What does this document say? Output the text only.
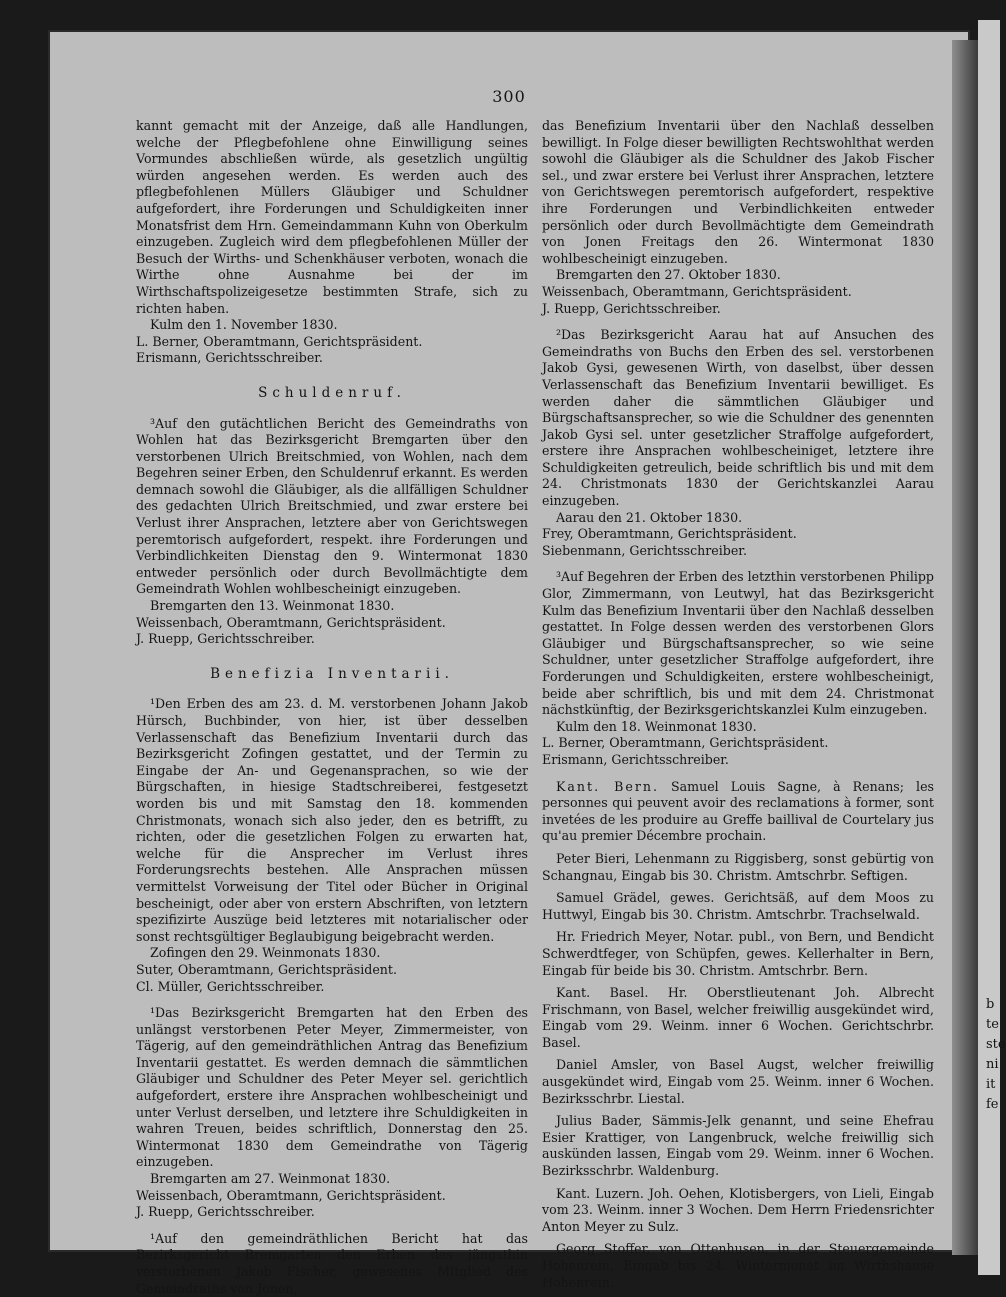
300

kannt gemacht mit der Anzeige, daß alle Handlungen, welche der Pflegbefohlene ohne Einwilligung seines Vormundes abschließen würde, als gesetzlich ungültig würden angesehen werden. Es werden auch des pflegbefohlenen Müllers Gläubiger und Schuldner aufgefordert, ihre Forderungen und Schuldigkeiten inner Monatsfrist dem Hrn. Gemeindammann Kuhn von Oberkulm einzugeben. Zugleich wird dem pflegbefohlenen Müller der Besuch der Wirths- und Schenkhäuser verboten, wonach die Wirthe ohne Ausnahme bei der im Wirthschaftspolizeigesetze bestimmten Strafe, sich zu richten haben.

Kulm den 1. November 1830.

L. Berner, Oberamtmann, Gerichtspräsident.

Erismann, Gerichtsschreiber.

Schuldenruf.

³Auf den gutächtlichen Bericht des Gemeindraths von Wohlen hat das Bezirksgericht Bremgarten über den verstorbenen Ulrich Breitschmied, von Wohlen, nach dem Begehren seiner Erben, den Schuldenruf erkannt. Es werden demnach sowohl die Gläubiger, als die allfälligen Schuldner des gedachten Ulrich Breitschmied, und zwar erstere bei Verlust ihrer Ansprachen, letztere aber von Gerichtswegen peremtorisch aufgefordert, respekt. ihre Forderungen und Verbindlichkeiten Dienstag den 9. Wintermonat 1830 entweder persönlich oder durch Bevollmächtigte dem Gemeindrath Wohlen wohlbescheinigt einzugeben.

Bremgarten den 13. Weinmonat 1830.

Weissenbach, Oberamtmann, Gerichtspräsident.

J. Ruepp, Gerichtsschreiber.

Benefizia Inventarii.

¹Den Erben des am 23. d. M. verstorbenen Johann Jakob Hürsch, Buchbinder, von hier, ist über desselben Verlassenschaft das Benefizium Inventarii durch das Bezirksgericht Zofingen gestattet, und der Termin zu Eingabe der An- und Gegenansprachen, so wie der Bürgschaften, in hiesige Stadtschreiberei, festgesetzt worden bis und mit Samstag den 18. kommenden Christmonats, wonach sich also jeder, den es betrifft, zu richten, oder die gesetzlichen Folgen zu erwarten hat, welche für die Ansprecher im Verlust ihres Forderungsrechts bestehen. Alle Ansprachen müssen vermittelst Vorweisung der Titel oder Bücher in Original bescheinigt, oder aber von erstern Abschriften, von letztern spezifizirte Auszüge beid letzteres mit notarialischer oder sonst rechtsgültiger Beglaubigung beigebracht werden.

Zofingen den 29. Weinmonats 1830.

Suter, Oberamtmann, Gerichtspräsident.

Cl. Müller, Gerichtsschreiber.

¹Das Bezirksgericht Bremgarten hat den Erben des unlängst verstorbenen Peter Meyer, Zimmermeister, von Tägerig, auf den gemeindräthlichen Antrag das Benefizium Inventarii gestattet. Es werden demnach die sämmtlichen Gläubiger und Schuldner des Peter Meyer sel. gerichtlich aufgefordert, erstere ihre Ansprachen wohlbescheinigt und unter Verlust derselben, und letztere ihre Schuldigkeiten in wahren Treuen, beides schriftlich, Donnerstag den 25. Wintermonat 1830 dem Gemeindrathe von Tägerig einzugeben.

Bremgarten am 27. Weinmonat 1830.

Weissenbach, Oberamtmann, Gerichtspräsident.

J. Ruepp, Gerichtsschreiber.

¹Auf den gemeindräthlichen Bericht hat das Bezirksgericht Bremgarten den Erben des jüngsthin verstorbenen Jakob Fischer, gewesenes Mitglied des Gemeindraths von Jonen,

das Benefizium Inventarii über den Nachlaß desselben bewilligt. In Folge dieser bewilligten Rechtswohlthat werden sowohl die Gläubiger als die Schuldner des Jakob Fischer sel., und zwar erstere bei Verlust ihrer Ansprachen, letztere von Gerichtswegen peremtorisch aufgefordert, respektive ihre Forderungen und Verbindlichkeiten entweder persönlich oder durch Bevollmächtigte dem Gemeindrath von Jonen Freitags den 26. Wintermonat 1830 wohlbescheinigt einzugeben.

Bremgarten den 27. Oktober 1830.

Weissenbach, Oberamtmann, Gerichtspräsident.

J. Ruepp, Gerichtsschreiber.

²Das Bezirksgericht Aarau hat auf Ansuchen des Gemeindraths von Buchs den Erben des sel. verstorbenen Jakob Gysi, gewesenen Wirth, von daselbst, über dessen Verlassenschaft das Benefizium Inventarii bewilliget. Es werden daher die sämmtlichen Gläubiger und Bürgschaftsansprecher, so wie die Schuldner des genennten Jakob Gysi sel. unter gesetzlicher Straffolge aufgefordert, erstere ihre Ansprachen wohlbescheiniget, letztere ihre Schuldigkeiten getreulich, beide schriftlich bis und mit dem 24. Christmonats 1830 der Gerichtskanzlei Aarau einzugeben.

Aarau den 21. Oktober 1830.

Frey, Oberamtmann, Gerichtspräsident.

Siebenmann, Gerichtsschreiber.

³Auf Begehren der Erben des letzthin verstorbenen Philipp Glor, Zimmermann, von Leutwyl, hat das Bezirksgericht Kulm das Benefizium Inventarii über den Nachlaß desselben gestattet. In Folge dessen werden des verstorbenen Glors Gläubiger und Bürgschaftsansprecher, so wie seine Schuldner, unter gesetzlicher Straffolge aufgefordert, ihre Forderungen und Schuldigkeiten, erstere wohlbescheinigt, beide aber schriftlich, bis und mit dem 24. Christmonat nächstkünftig, der Bezirksgerichtskanzlei Kulm einzugeben.

Kulm den 18. Weinmonat 1830.

L. Berner, Oberamtmann, Gerichtspräsident.

Erismann, Gerichtsschreiber.

Kant. Bern. Samuel Louis Sagne, à Renans; les personnes qui peuvent avoir des reclamations à former, sont invetées de les produire au Greffe baillival de Courtelary jus qu'au premier Décembre prochain.

Peter Bieri, Lehenmann zu Riggisberg, sonst gebürtig von Schangnau, Eingab bis 30. Christm. Amtschrbr. Seftigen.

Samuel Grädel, gewes. Gerichtsäß, auf dem Moos zu Huttwyl, Eingab bis 30. Christm. Amtschrbr. Trachselwald.

Hr. Friedrich Meyer, Notar. publ., von Bern, und Bendicht Schwerdtfeger, von Schüpfen, gewes. Kellerhalter in Bern, Eingab für beide bis 30. Christm. Amtschrbr. Bern.

Kant. Basel. Hr. Oberstlieutenant Joh. Albrecht Frischmann, von Basel, welcher freiwillig ausgekündet wird, Eingab vom 29. Weinm. inner 6 Wochen. Gerichtschrbr. Basel.

Daniel Amsler, von Basel Augst, welcher freiwillig ausgekündet wird, Eingab vom 25. Weinm. inner 6 Wochen. Bezirksschrbr. Liestal.

Julius Bader, Sämmis-Jelk genannt, und seine Ehefrau Esier Krattiger, von Langenbruck, welche freiwillig sich auskünden lassen, Eingab vom 29. Weinm. inner 6 Wochen. Bezirksschrbr. Waldenburg.

Kant. Luzern. Joh. Oehen, Klotisbergers, von Lieli, Eingab vom 23. Weinm. inner 3 Wochen. Dem Herrn Friedensrichter Anton Meyer zu Sulz.

Georg Stoffer, von Ottenhusen, in der Steuergemeinde Hohenrein, Eingab bis 24. Wintermonat im Wirthshause Hohenrein.

b
te
ste
ni
it
fe
